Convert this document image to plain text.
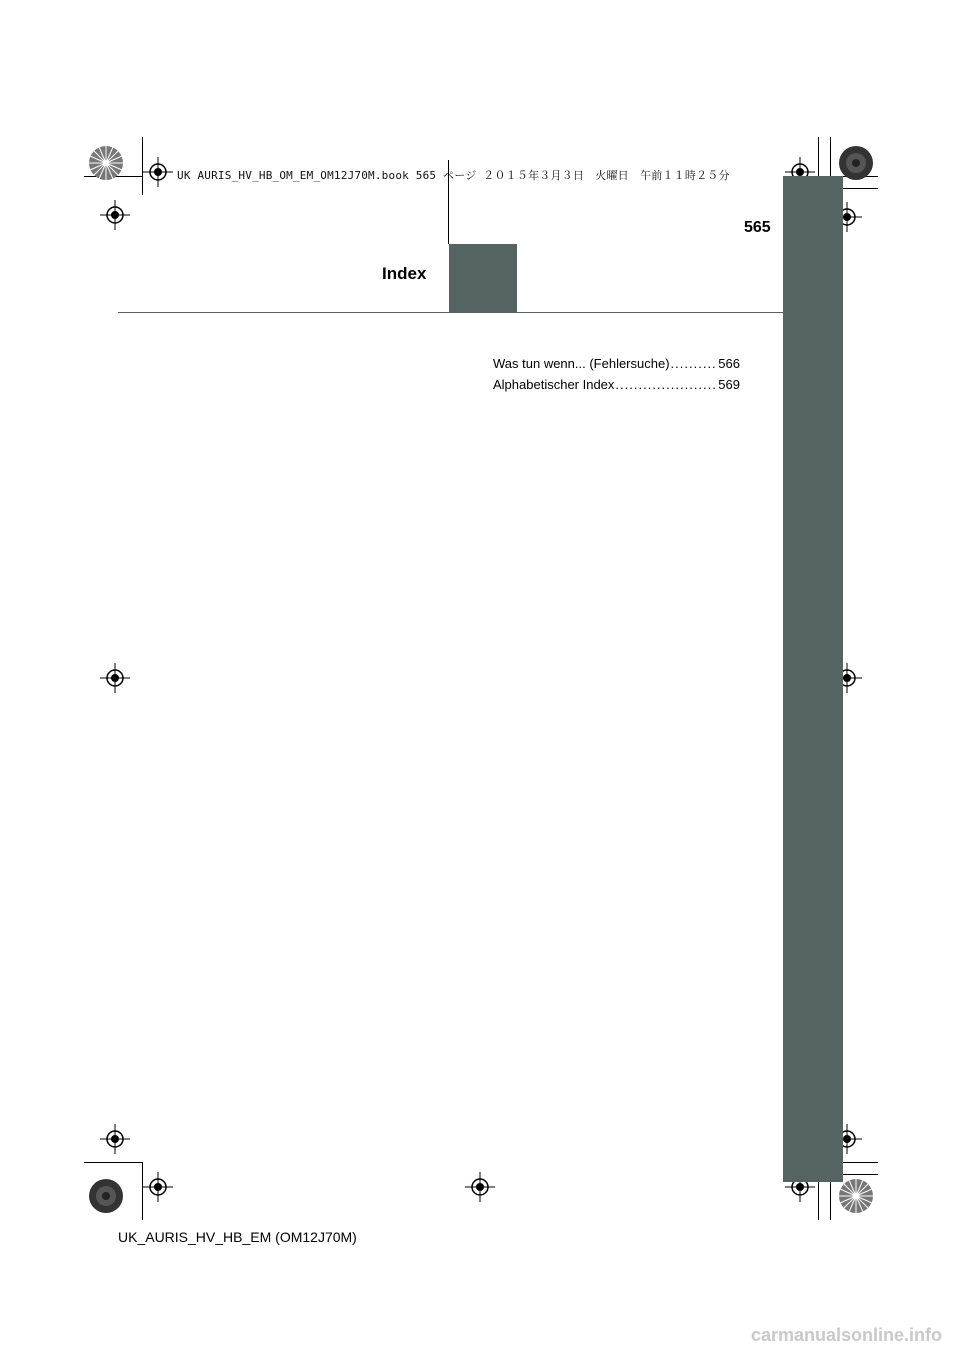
UK AURIS_HV_HB_OM_EM_OM12J70M.book 565 ページ ２０１５年３月３日　火曜日　午前１１時２５分
565
Index
Was tun wenn... (Fehlersuche) .....	566
Alphabetischer Index .....	569
UK_AURIS_HV_HB_EM (OM12J70M)
carmanualsonline.info
